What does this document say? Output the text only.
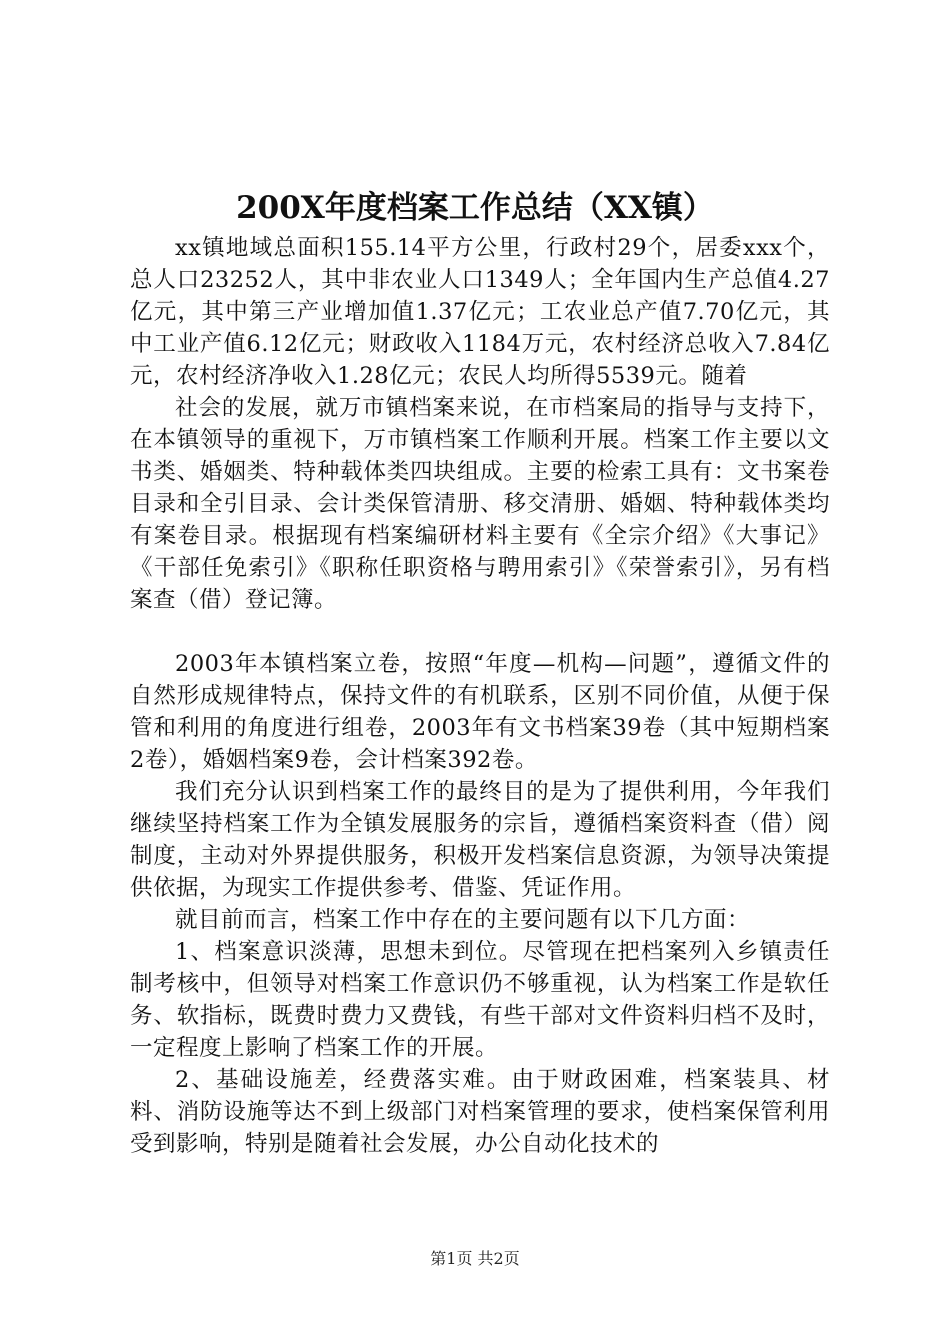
200X年度档案工作总结（XX镇）

xx镇地域总面积155.14平方公里，行政村29个，居委xxx个，总人口23252人，其中非农业人口1349人；全年国内生产总值4.27亿元，其中第三产业增加值1.37亿元；工农业总产值7.70亿元，其中工业产值6.12亿元；财政收入1184万元，农村经济总收入7.84亿元，农村经济净收入1.28亿元；农民人均所得5539元。随着

社会的发展，就万市镇档案来说，在市档案局的指导与支持下，在本镇领导的重视下，万市镇档案工作顺利开展。档案工作主要以文书类、婚姻类、特种载体类四块组成。主要的检索工具有：文书案卷目录和全引目录、会计类保管清册、移交清册、婚姻、特种载体类均有案卷目录。根据现有档案编研材料主要有《全宗介绍》《大事记》《干部任免索引》《职称任职资格与聘用索引》《荣誉索引》，另有档案查（借）登记簿。

2003年本镇档案立卷，按照“年度—机构—问题”，遵循文件的自然形成规律特点，保持文件的有机联系，区别不同价值，从便于保管和利用的角度进行组卷，2003年有文书档案39卷（其中短期档案2卷），婚姻档案9卷，会计档案392卷。

我们充分认识到档案工作的最终目的是为了提供利用，今年我们继续坚持档案工作为全镇发展服务的宗旨，遵循档案资料查（借）阅制度，主动对外界提供服务，积极开发档案信息资源，为领导决策提供依据，为现实工作提供参考、借鉴、凭证作用。

就目前而言，档案工作中存在的主要问题有以下几方面：

1、档案意识淡薄，思想未到位。尽管现在把档案列入乡镇责任制考核中，但领导对档案工作意识仍不够重视，认为档案工作是软任务、软指标，既费时费力又费钱，有些干部对文件资料归档不及时，一定程度上影响了档案工作的开展。

2、基础设施差，经费落实难。由于财政困难，档案装具、材料、消防设施等达不到上级部门对档案管理的要求，使档案保管利用受到影响，特别是随着社会发展，办公自动化技术的

第1页 共2页
